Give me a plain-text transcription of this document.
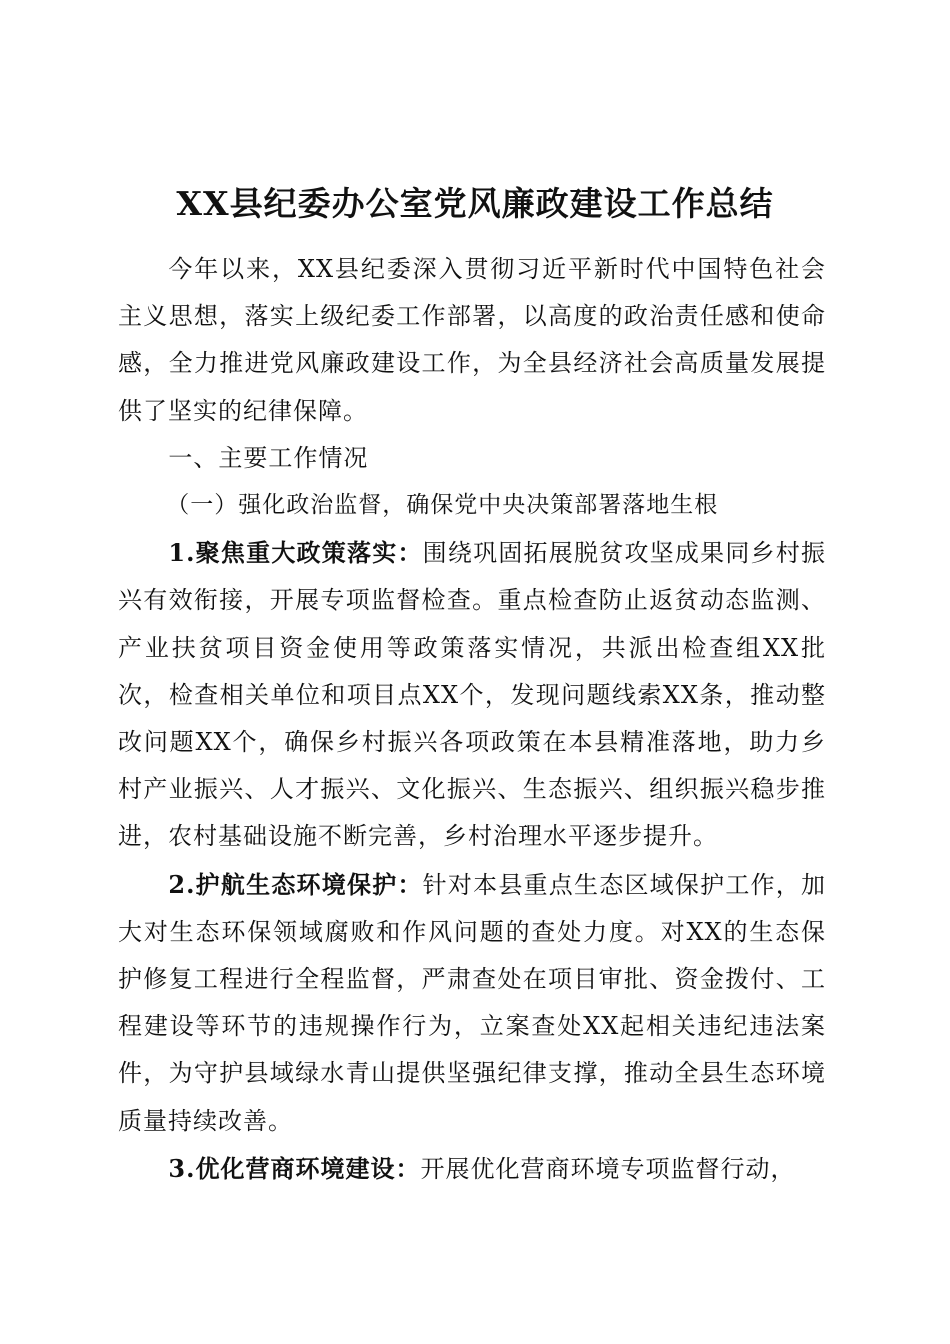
XX县纪委办公室党风廉政建设工作总结

今年以来，XX县纪委深入贯彻习近平新时代中国特色社会主义思想，落实上级纪委工作部署，以高度的政治责任感和使命感，全力推进党风廉政建设工作，为全县经济社会高质量发展提供了坚实的纪律保障。

一、主要工作情况

（一）强化政治监督，确保党中央决策部署落地生根

1.聚焦重大政策落实：围绕巩固拓展脱贫攻坚成果同乡村振兴有效衔接，开展专项监督检查。重点检查防止返贫动态监测、产业扶贫项目资金使用等政策落实情况，共派出检查组XX批次，检查相关单位和项目点XX个，发现问题线索XX条，推动整改问题XX个，确保乡村振兴各项政策在本县精准落地，助力乡村产业振兴、人才振兴、文化振兴、生态振兴、组织振兴稳步推进，农村基础设施不断完善，乡村治理水平逐步提升。

2.护航生态环境保护：针对本县重点生态区域保护工作，加大对生态环保领域腐败和作风问题的查处力度。对XX的生态保护修复工程进行全程监督，严肃查处在项目审批、资金拨付、工程建设等环节的违规操作行为，立案查处XX起相关违纪违法案件，为守护县域绿水青山提供坚强纪律支撑，推动全县生态环境质量持续改善。

3.优化营商环境建设：开展优化营商环境专项监督行动，
